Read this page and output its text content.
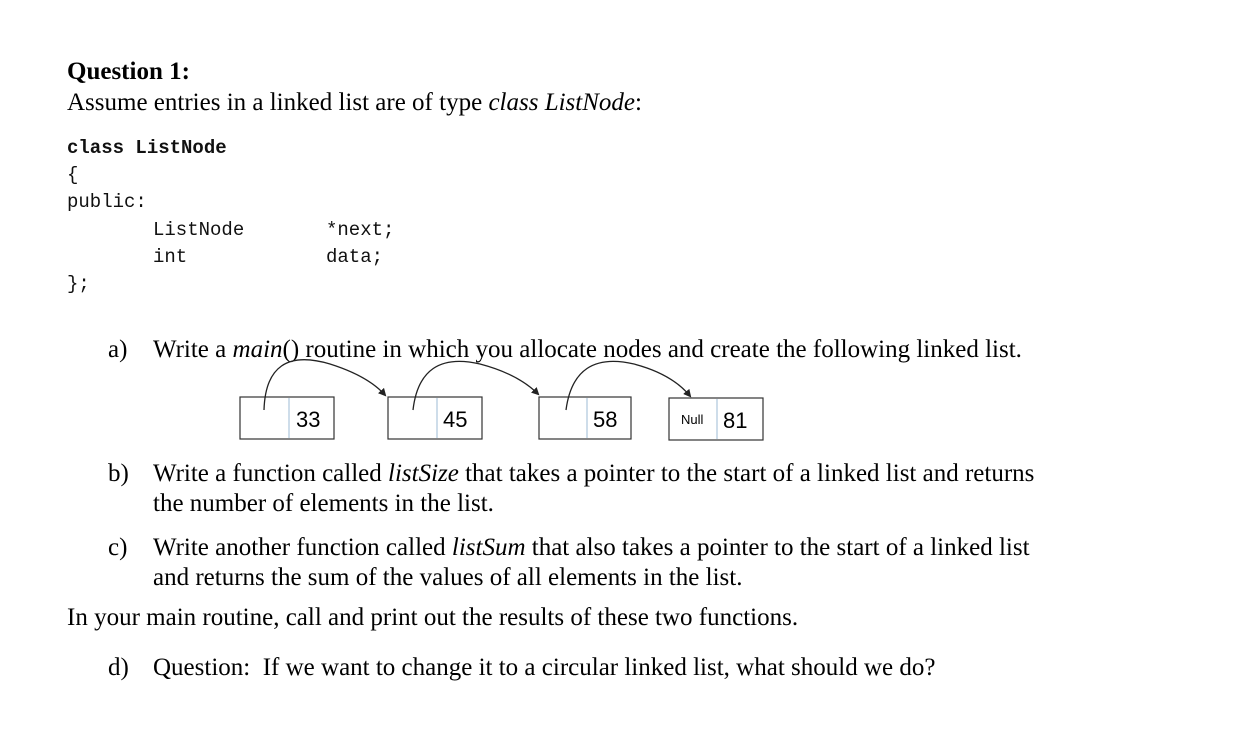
Question 1:
Assume entries in a linked list are of type class ListNode:
class ListNode
{
public:
ListNode	*next;
int	data;
};
a) Write a main() routine in which you allocate nodes and create the following linked list.
33	45	58	Null 81
b) Write a function called listSize that takes a pointer to the start of a linked list and returns
the number of elements in the list.
c) Write another function called listSum that also takes a pointer to the start of a linked list
and returns the sum of the values of all elements in the list.
In your main routine, call and print out the results of these two functions.
d) Question:  If we want to change it to a circular linked list, what should we do?
